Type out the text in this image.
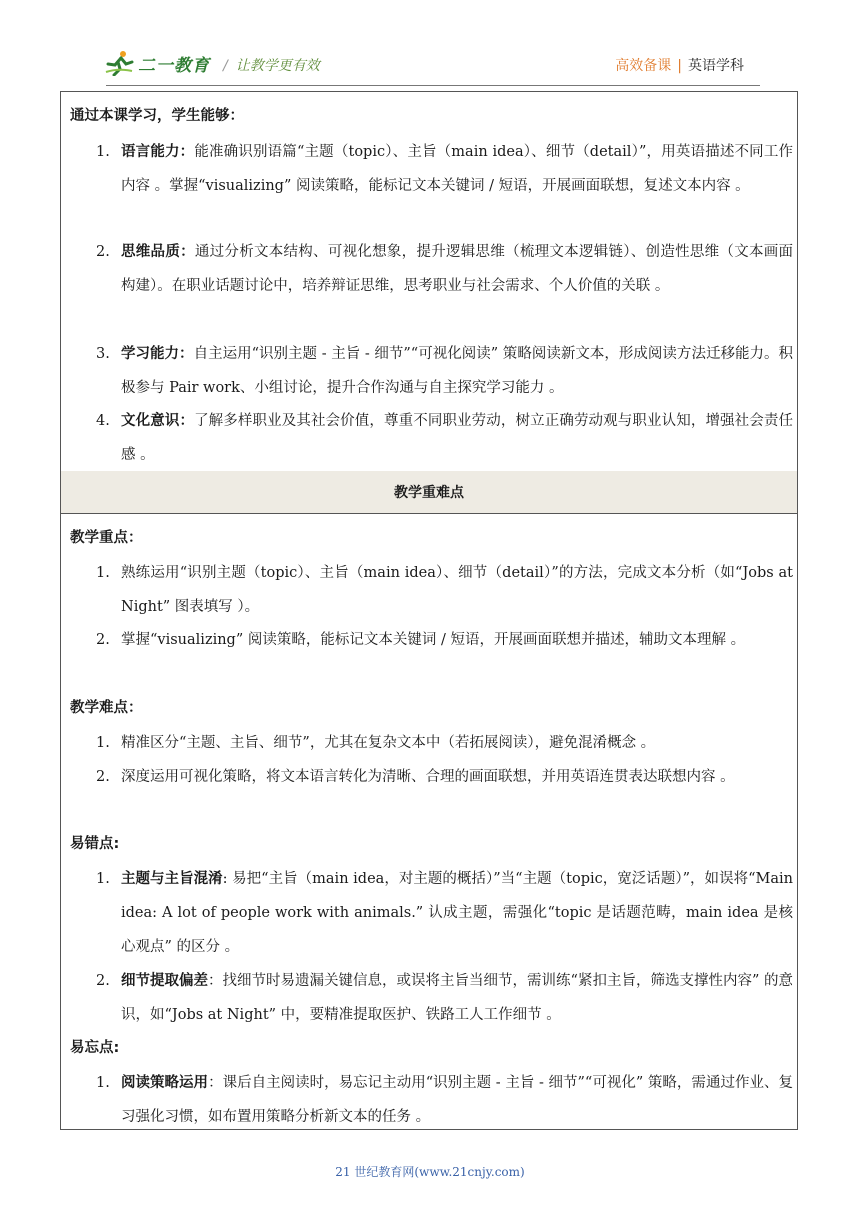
二一教育 / 让教学更有效	高效备课 | 英语学科
通过本课学习，学生能够：
1. 语言能力：能准确识别语篇“主题（topic）、主旨（main idea）、细节（detail）”，用英语描述不同工作内容 。掌握“visualizing” 阅读策略，能标记文本关键词 / 短语，开展画面联想，复述文本内容 。
2. 思维品质：通过分析文本结构、可视化想象，提升逻辑思维（梳理文本逻辑链）、创造性思维（文本画面构建）。在职业话题讨论中，培养辩证思维，思考职业与社会需求、个人价值的关联 。
3. 学习能力：自主运用“识别主题 - 主旨 - 细节”“可视化阅读” 策略阅读新文本，形成阅读方法迁移能力。积极参与 Pair work、小组讨论，提升合作沟通与自主探究学习能力 。
4. 文化意识：了解多样职业及其社会价值，尊重不同职业劳动，树立正确劳动观与职业认知，增强社会责任感 。
教学重难点
教学重点：
1. 熟练运用“识别主题（topic）、主旨（main idea）、细节（detail）”的方法，完成文本分析（如“Jobs at Night” 图表填写 ）。
2. 掌握“visualizing” 阅读策略，能标记文本关键词 / 短语，开展画面联想并描述，辅助文本理解 。
教学难点：
1. 精准区分“主题、主旨、细节”，尤其在复杂文本中（若拓展阅读），避免混淆概念 。
2. 深度运用可视化策略，将文本语言转化为清晰、合理的画面联想，并用英语连贯表达联想内容 。
易错点:
1. 主题与主旨混淆: 易把“主旨（main idea，对主题的概括）”当“主题（topic，宽泛话题）”，如误将“Main idea: A lot of people work with animals.” 认成主题，需强化“topic 是话题范畴，main idea 是核心观点” 的区分 。
2. 细节提取偏差：找细节时易遗漏关键信息，或误将主旨当细节，需训练“紧扣主旨，筛选支撑性内容” 的意识，如“Jobs at Night” 中，要精准提取医护、铁路工人工作细节 。
易忘点:
1. 阅读策略运用：课后自主阅读时，易忘记主动用“识别主题 - 主旨 - 细节”“可视化” 策略，需通过作业、复习强化习惯，如布置用策略分析新文本的任务 。
21 世纪教育网(www.21cnjy.com)
